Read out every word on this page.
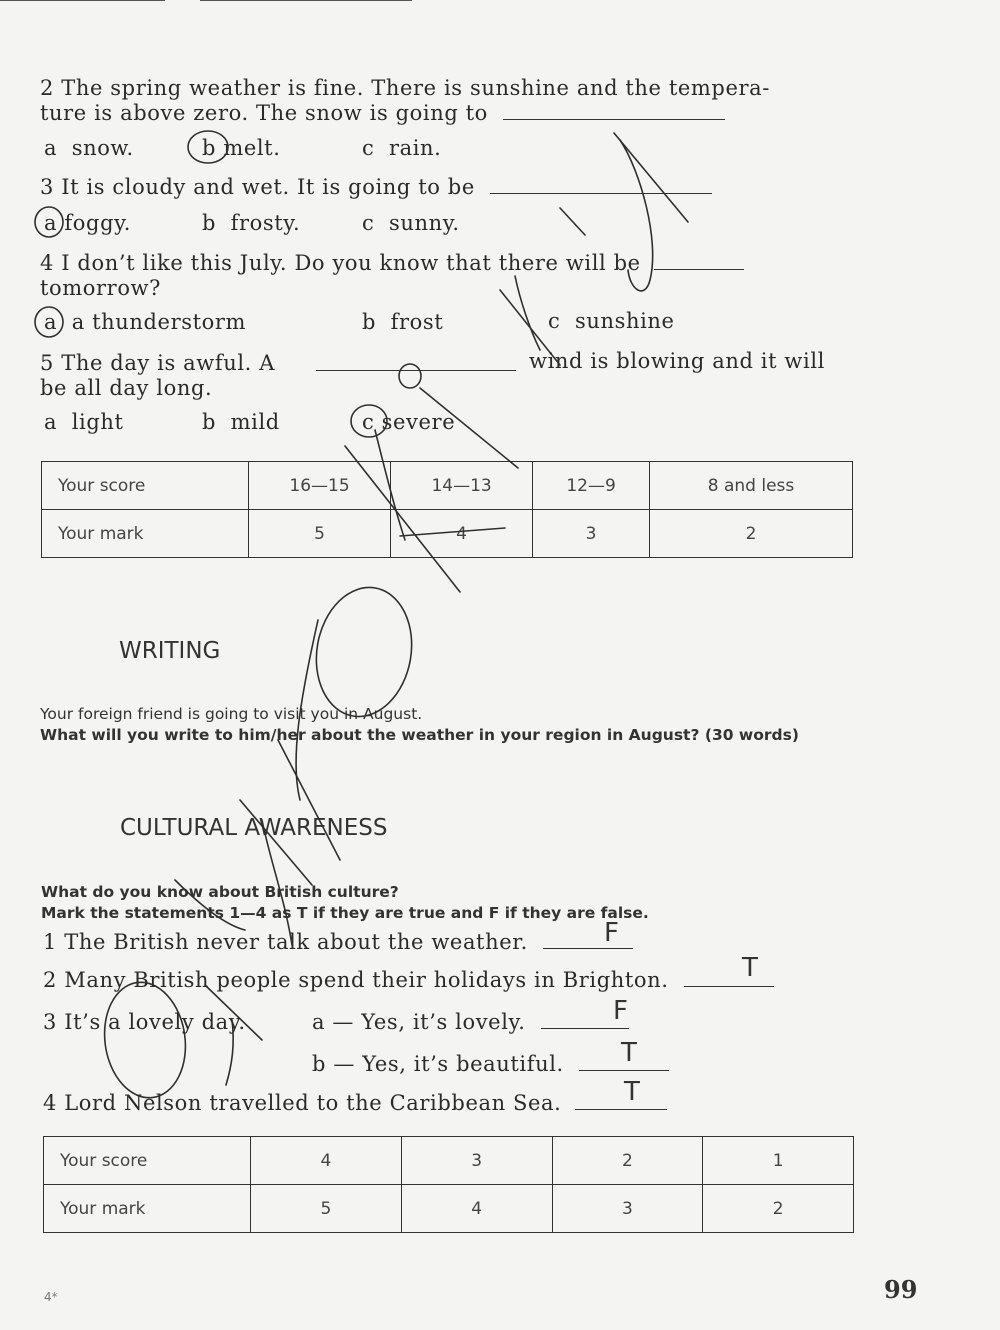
2 The spring weather is fine. There is sunshine and the tempera-
ture is above zero. The snow is going to
a snow.	b melt.	c rain.
3 It is cloudy and wet. It is going to be
a foggy.	b frosty.	c sunny.
4 I don’t like this July. Do you know that there will be
tomorrow?
a a thunderstorm	b frost	c sunshine
5 The day is awful. A	wind is blowing and it will
be all day long.
a light	b mild	c severe
Your score	16—15	14—13	12—9	8 and less
Your mark	5	4	3	2
WRITING
Your foreign friend is going to visit you in August.
What will you write to him/her about the weather in your region in August? (30 words)
CULTURAL AWARENESS
What do you know about British culture?
Mark the statements 1—4 as T if they are true and F if they are false.
1 The British never talk about the weather.	F
2 Many British people spend their holidays in Brighton.	T
3 It’s a lovely day.	a — Yes, it’s lovely.	F
b — Yes, it’s beautiful.	T
4 Lord Nelson travelled to the Caribbean Sea.	T
Your score	4	3	2	1
Your mark	5	4	3	2
99
4*
